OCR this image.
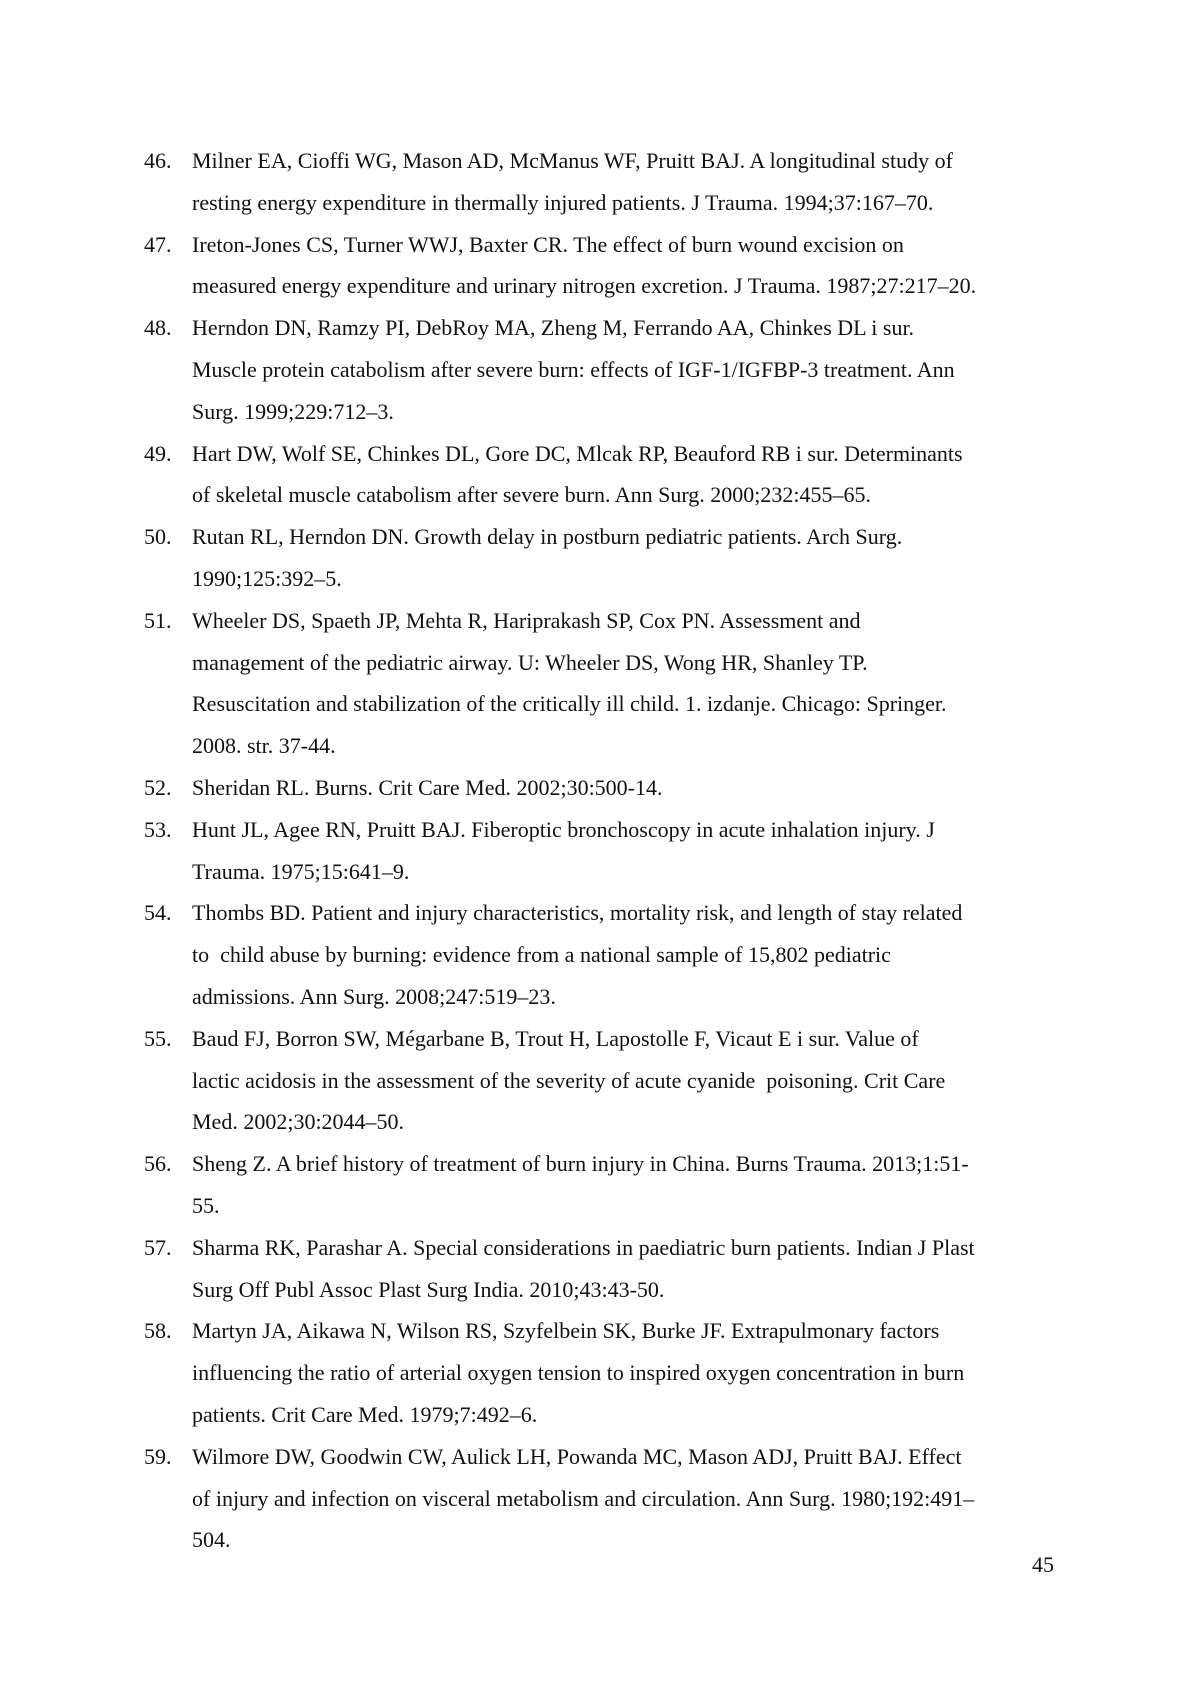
46. Milner EA, Cioffi WG, Mason AD, McManus WF, Pruitt BAJ. A longitudinal study of
resting energy expenditure in thermally injured patients. J Trauma. 1994;37:167–70.
47. Ireton-Jones CS, Turner WWJ, Baxter CR. The effect of burn wound excision on
measured energy expenditure and urinary nitrogen excretion. J Trauma. 1987;27:217–20.
48. Herndon DN, Ramzy PI, DebRoy MA, Zheng M, Ferrando AA, Chinkes DL i sur.
Muscle protein catabolism after severe burn: effects of IGF-1/IGFBP-3 treatment. Ann
Surg. 1999;229:712–3.
49. Hart DW, Wolf SE, Chinkes DL, Gore DC, Mlcak RP, Beauford RB i sur. Determinants
of skeletal muscle catabolism after severe burn. Ann Surg. 2000;232:455–65.
50. Rutan RL, Herndon DN. Growth delay in postburn pediatric patients. Arch Surg.
1990;125:392–5.
51. Wheeler DS, Spaeth JP, Mehta R, Hariprakash SP, Cox PN. Assessment and
management of the pediatric airway. U: Wheeler DS, Wong HR, Shanley TP.
Resuscitation and stabilization of the critically ill child. 1. izdanje. Chicago: Springer.
2008. str. 37-44.
52. Sheridan RL. Burns. Crit Care Med. 2002;30:500-14.
53. Hunt JL, Agee RN, Pruitt BAJ. Fiberoptic bronchoscopy in acute inhalation injury. J
Trauma. 1975;15:641–9.
54. Thombs BD. Patient and injury characteristics, mortality risk, and length of stay related
to  child abuse by burning: evidence from a national sample of 15,802 pediatric
admissions. Ann Surg. 2008;247:519–23.
55. Baud FJ, Borron SW, Mégarbane B, Trout H, Lapostolle F, Vicaut E i sur. Value of
lactic acidosis in the assessment of the severity of acute cyanide  poisoning. Crit Care
Med. 2002;30:2044–50.
56. Sheng Z. A brief history of treatment of burn injury in China. Burns Trauma. 2013;1:51-
55.
57. Sharma RK, Parashar A. Special considerations in paediatric burn patients. Indian J Plast
Surg Off Publ Assoc Plast Surg India. 2010;43:43-50.
58. Martyn JA, Aikawa N, Wilson RS, Szyfelbein SK, Burke JF. Extrapulmonary factors
influencing the ratio of arterial oxygen tension to inspired oxygen concentration in burn
patients. Crit Care Med. 1979;7:492–6.
59. Wilmore DW, Goodwin CW, Aulick LH, Powanda MC, Mason ADJ, Pruitt BAJ. Effect
of injury and infection on visceral metabolism and circulation. Ann Surg. 1980;192:491–
504.
45
